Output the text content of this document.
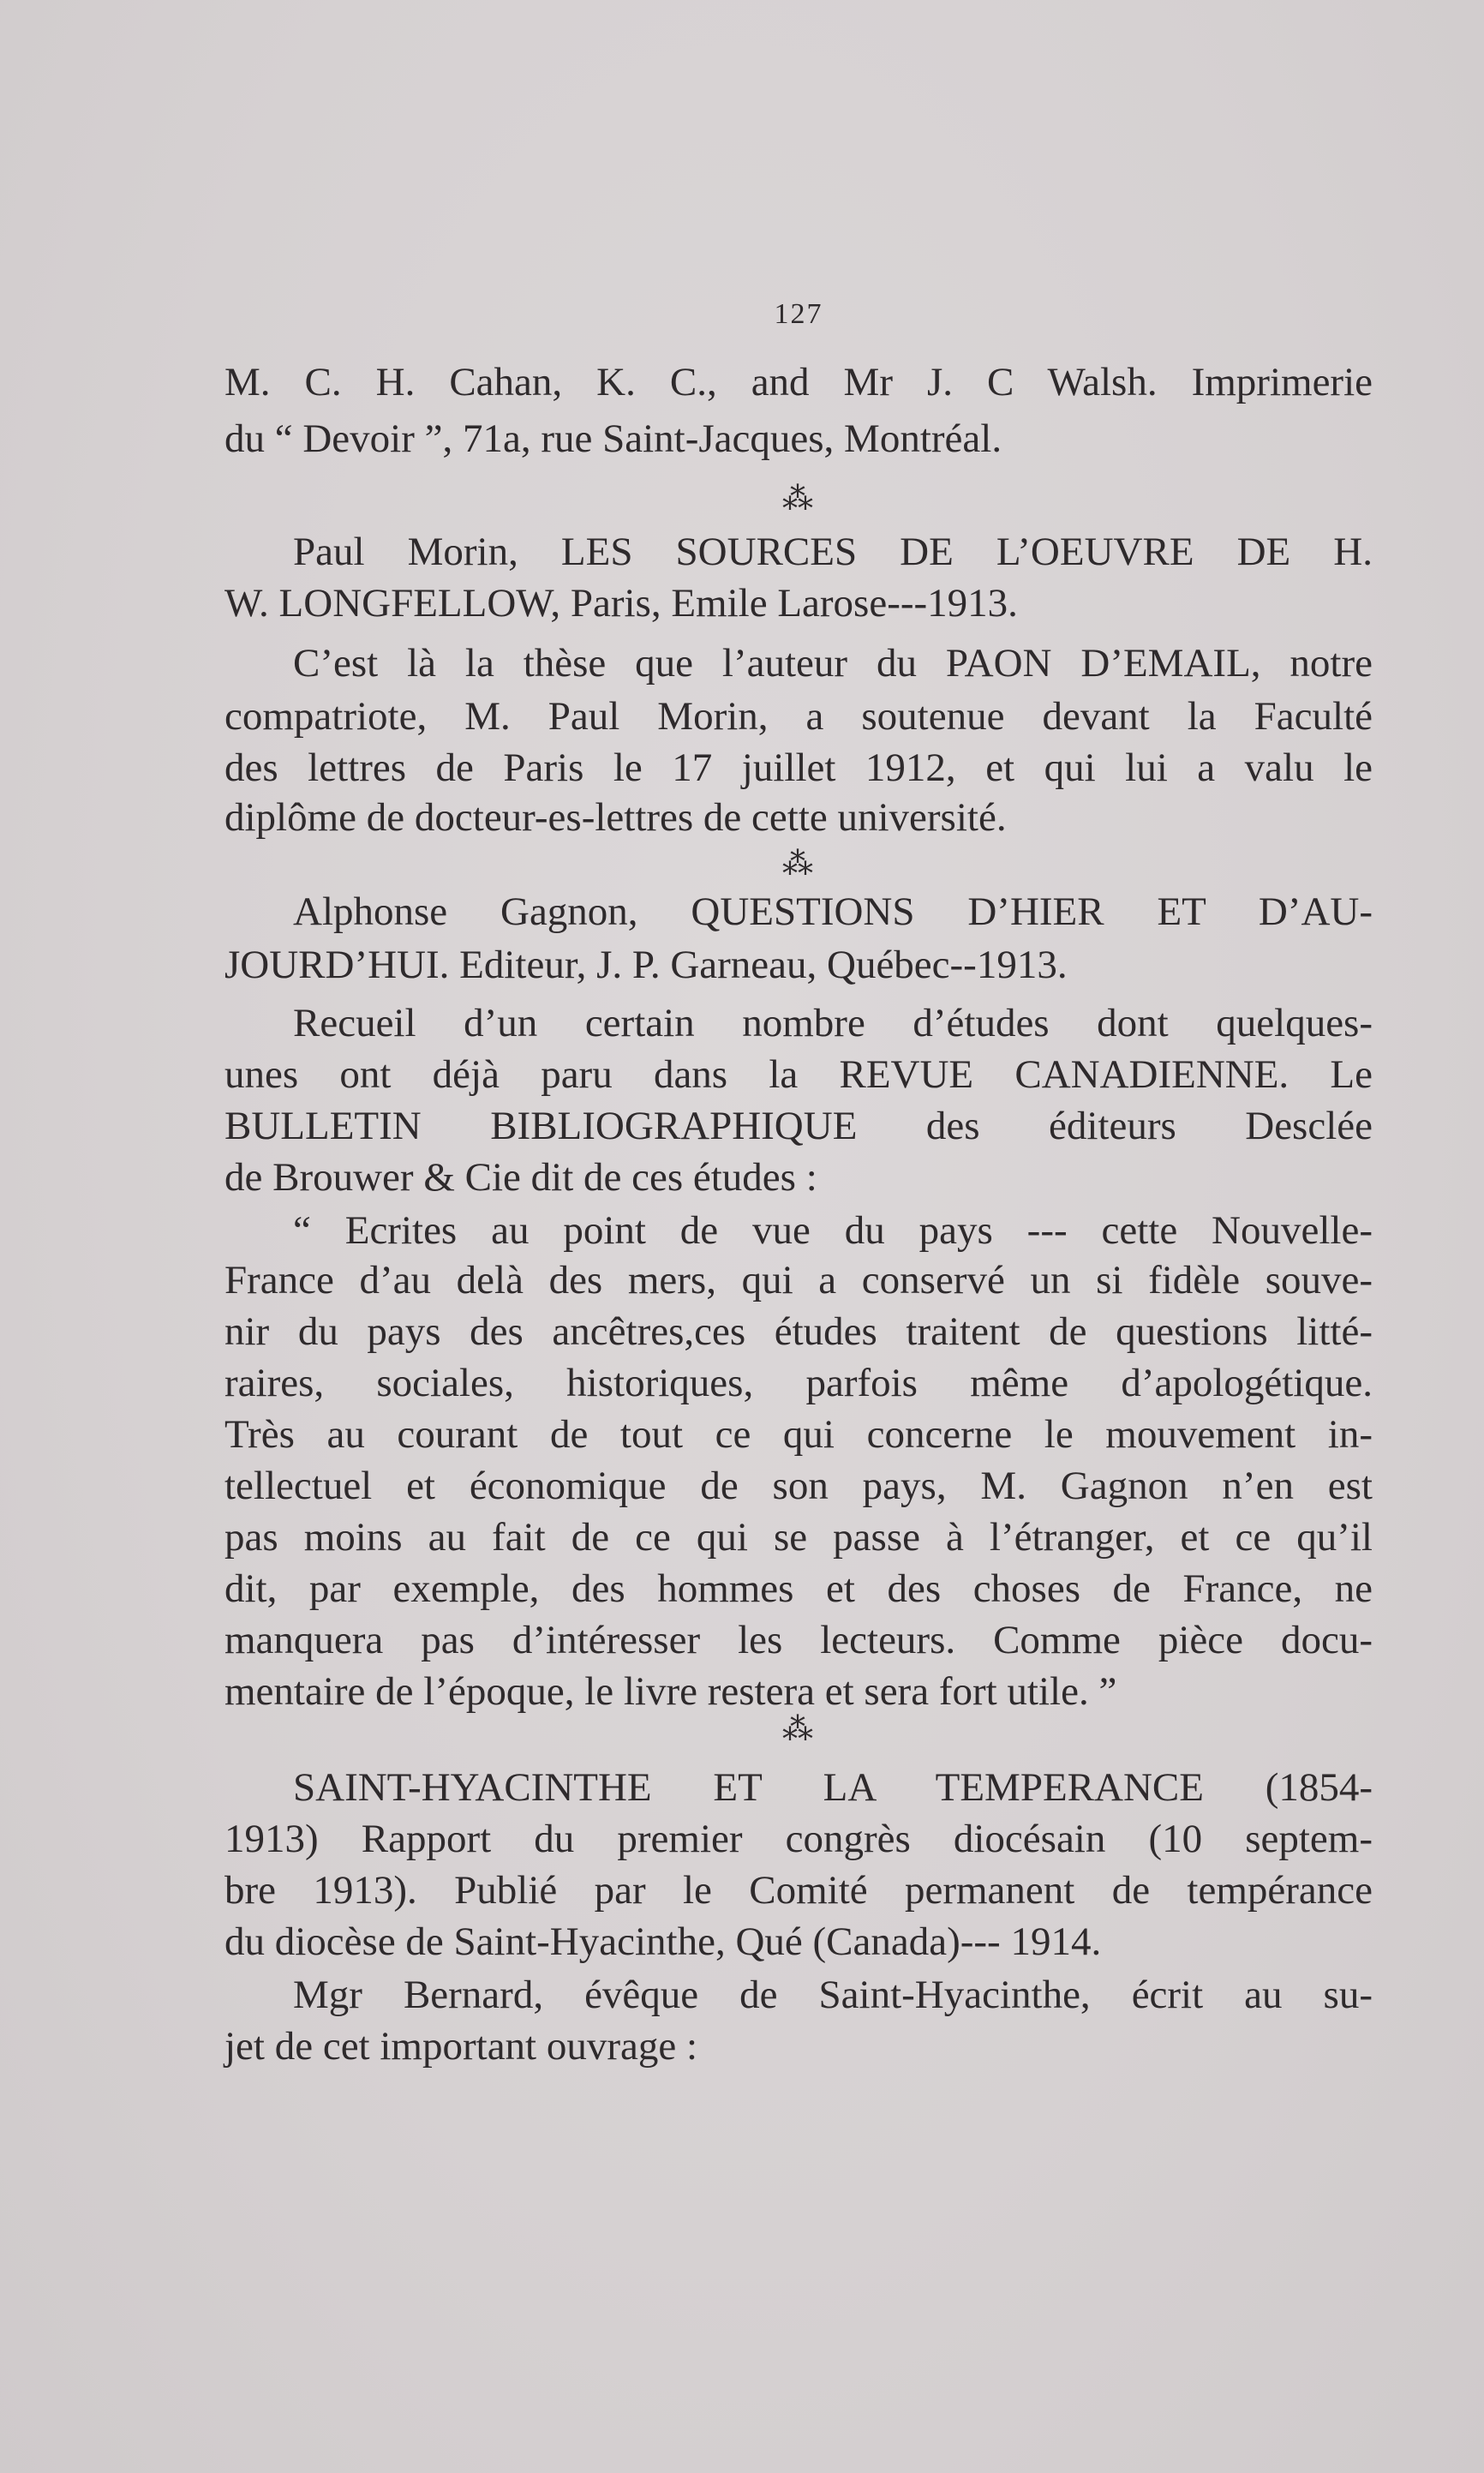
127
M. C. H. Cahan, K. C., and Mr J. C Walsh. Imprimerie
du “ Devoir ”, 71a, rue Saint-Jacques, Montréal.
⁂
Paul Morin, LES SOURCES DE L’OEUVRE DE H.
W. LONGFELLOW, Paris, Emile Larose---1913.
C’est là la thèse que l’auteur du PAON D’EMAIL, notre
compatriote, M. Paul Morin, a soutenue devant la Faculté
des lettres de Paris le 17 juillet 1912, et qui lui a valu le
diplôme de docteur-es-lettres de cette université.
⁂
Alphonse Gagnon, QUESTIONS D’HIER ET D’AU-
JOURD’HUI. Editeur, J. P. Garneau, Québec--1913.
Recueil d’un certain nombre d’études dont quelques-
unes ont déjà paru dans la REVUE CANADIENNE. Le
BULLETIN BIBLIOGRAPHIQUE des éditeurs Desclée
de Brouwer & Cie dit de ces études :
“ Ecrites au point de vue du pays --- cette Nouvelle-
France d’au delà des mers, qui a conservé un si fidèle souve-
nir du pays des ancêtres,ces études traitent de questions litté-
raires, sociales, historiques, parfois même d’apologétique.
Très au courant de tout ce qui concerne le mouvement in-
tellectuel et économique de son pays, M. Gagnon n’en est
pas moins au fait de ce qui se passe à l’étranger, et ce qu’il
dit, par exemple, des hommes et des choses de France, ne
manquera pas d’intéresser les lecteurs. Comme pièce docu-
mentaire de l’époque, le livre restera et sera fort utile. ”
⁂
SAINT-HYACINTHE ET LA TEMPERANCE (1854-
1913) Rapport du premier congrès diocésain (10 septem-
bre 1913). Publié par le Comité permanent de tempérance
du diocèse de Saint-Hyacinthe, Qué (Canada)--- 1914.
Mgr Bernard, évêque de Saint-Hyacinthe, écrit au su-
jet de cet important ouvrage :
